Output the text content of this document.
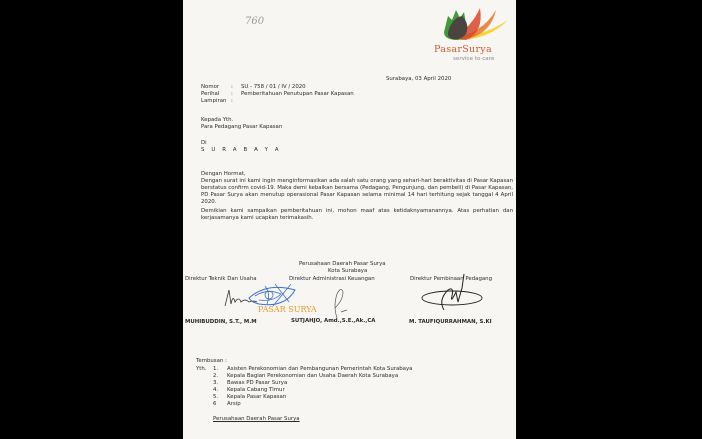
760
PasarSurya
service to care
Surabaya, 03 April 2020
Nomor : SU - 758 / 01 / IV / 2020
Perihal : Pemberitahuan Penutupan Pasar Kapasan
Lampiran :
Kepada Yth.
Para Pedagang Pasar Kapasan
Di
S U R A B A Y A
Dengan Hormat,
Dengan surat ini kami ingin menginformasikan ada salah satu orang yang sehari-hari beraktivitas di Pasar Kapasan berstatus confirm covid-19. Maka demi kebaikan bersama (Pedagang, Pengunjung, dan pembeli) di Pasar Kapasan, PD Pasar Surya akan menutup operasional Pasar Kapasan selama minimal 14 hari terhitung sejak tanggal 4 April 2020.
Demikian kami sampaikan pemberitahuan ini, mohon maaf atas ketidaknyamanannya. Atas perhatian dan kerjasamanya kami ucapkan terimakasih.
Perusahaan Daerah Pasar Surya
Kota Surabaya
Direktur Teknik Dan Usaha	Direktur Administrasi Keuangan	Direktur Pembinaan Pedagang
PASAR SURYA
MUHIBUDDIN, S.T., M.M	SUTJAHJO, Amd.,S.E.,Ak.,CA	M. TAUFIQURRAHMAN, S.KI
Tembusan :
Yth. 1.	Asisten Perekonomian dan Pembangunan Pemerintah Kota Surabaya
2.	Kepala Bagian Perekonomian dan Usaha Daerah Kota Surabaya
3.	Bawas PD Pasar Surya
4.	Kepala Cabang Timur
5.	Kepala Pasar Kapasan
6	Arsip
Perusahaan Daerah Pasar Surya
